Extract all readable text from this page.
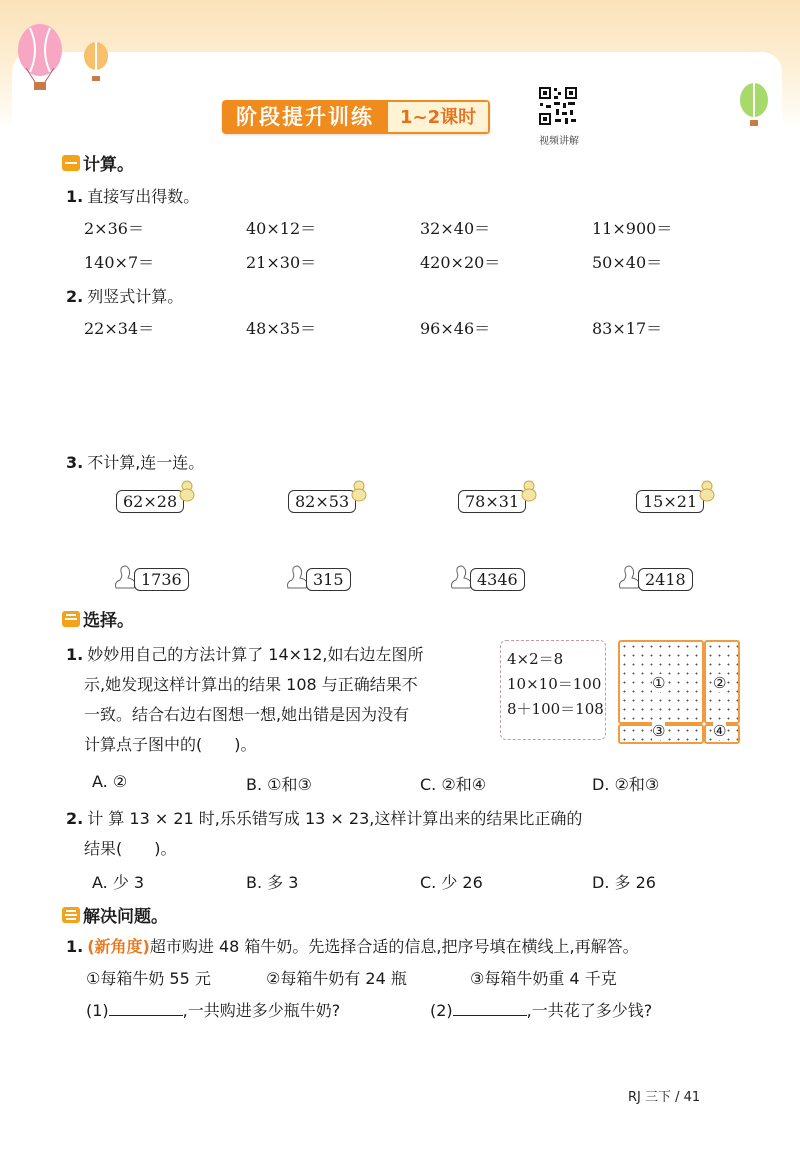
阶段提升训练	1~2课时
视频讲解
计算。
1. 直接写出得数。
2×36＝	40×12＝	32×40＝	11×900＝
140×7＝	21×30＝	420×20＝	50×40＝
2. 列竖式计算。
22×34＝	48×35＝	96×46＝	83×17＝
3. 不计算,连一连。
62×28	82×53	78×31	15×21
1736	315	4346	2418
选择。
1. 妙妙用自己的方法计算了 14×12,如右边左图所
示,她发现这样计算出的结果 108 与正确结果不
一致。结合右边右图想一想,她出错是因为没有
计算点子图中的(　　)。
4×2＝8
10×10＝100
8＋100＝108
①	②
③	④
A. ②	B. ①和③	C. ②和④	D. ②和③
2. 计 算 13 × 21 时,乐乐错写成 13 × 23,这样计算出来的结果比正确的
结果(　　)。
A. 少 3	B. 多 3	C. 少 26	D. 多 26
解决问题。
1. (新角度)超市购进 48 箱牛奶。先选择合适的信息,把序号填在横线上,再解答。
①每箱牛奶 55 元	②每箱牛奶有 24 瓶	③每箱牛奶重 4 千克
(1)	,一共购进多少瓶牛奶?	(2)	,一共花了多少钱?
RJ 三下 / 41
